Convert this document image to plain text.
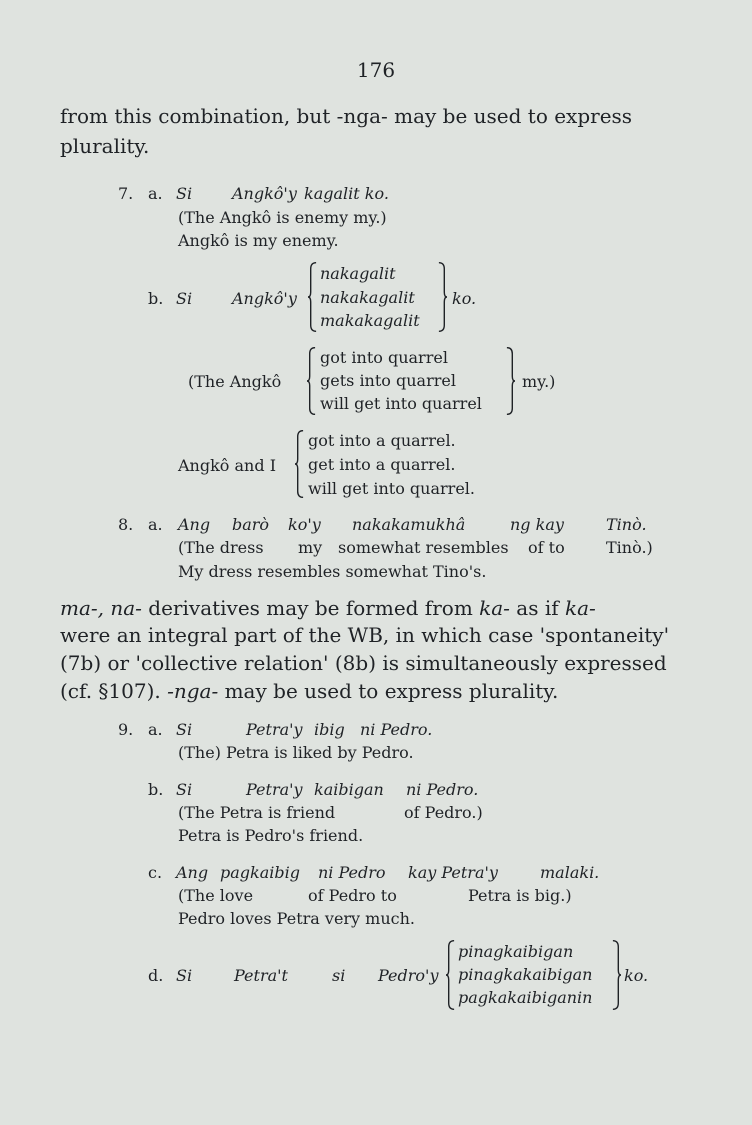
176
from this combination, but -nga- may be used to express
plurality.
7. a. Si Angkô'y kagalit ko.
(The Angkô is enemy my.)
Angkô is my enemy.
b. Si Angkô'y
nakagalit
nakakagalit
makakagalit
ko.
(The Angkô
got into quarrel
gets into quarrel
will get into quarrel
my.)
Angkô and I
got into a quarrel.
get into a quarrel.
will get into quarrel.
8. a. Ang barò ko'y nakakamukhâ	ng kay	Tinò.
(The dress my somewhat resembles of to	Tinò.)
My dress resembles somewhat Tino's.
ma-, na- derivatives may be formed from ka- as if ka-
were an integral part of the WB, in which case 'spontaneity'
(7b) or 'collective relation' (8b) is simultaneously expressed
(cf. §107). -nga- may be used to express plurality.
9. a. Si	Petra'y ibig ni Pedro.
(The) Petra is liked by Pedro.
b. Si	Petra'y kaibigan ni Pedro.
(The Petra is friend	of Pedro.)
Petra is Pedro's friend.
c. Ang pagkaibig ni Pedro kay Petra'y	malaki.
(The love	of Pedro to	Petra is big.)
Pedro loves Petra very much.
d. Si	Petra't	si Pedro'y
pinagkaibigan
pinagkakaibigan
pagkakaibiganin
ko.
